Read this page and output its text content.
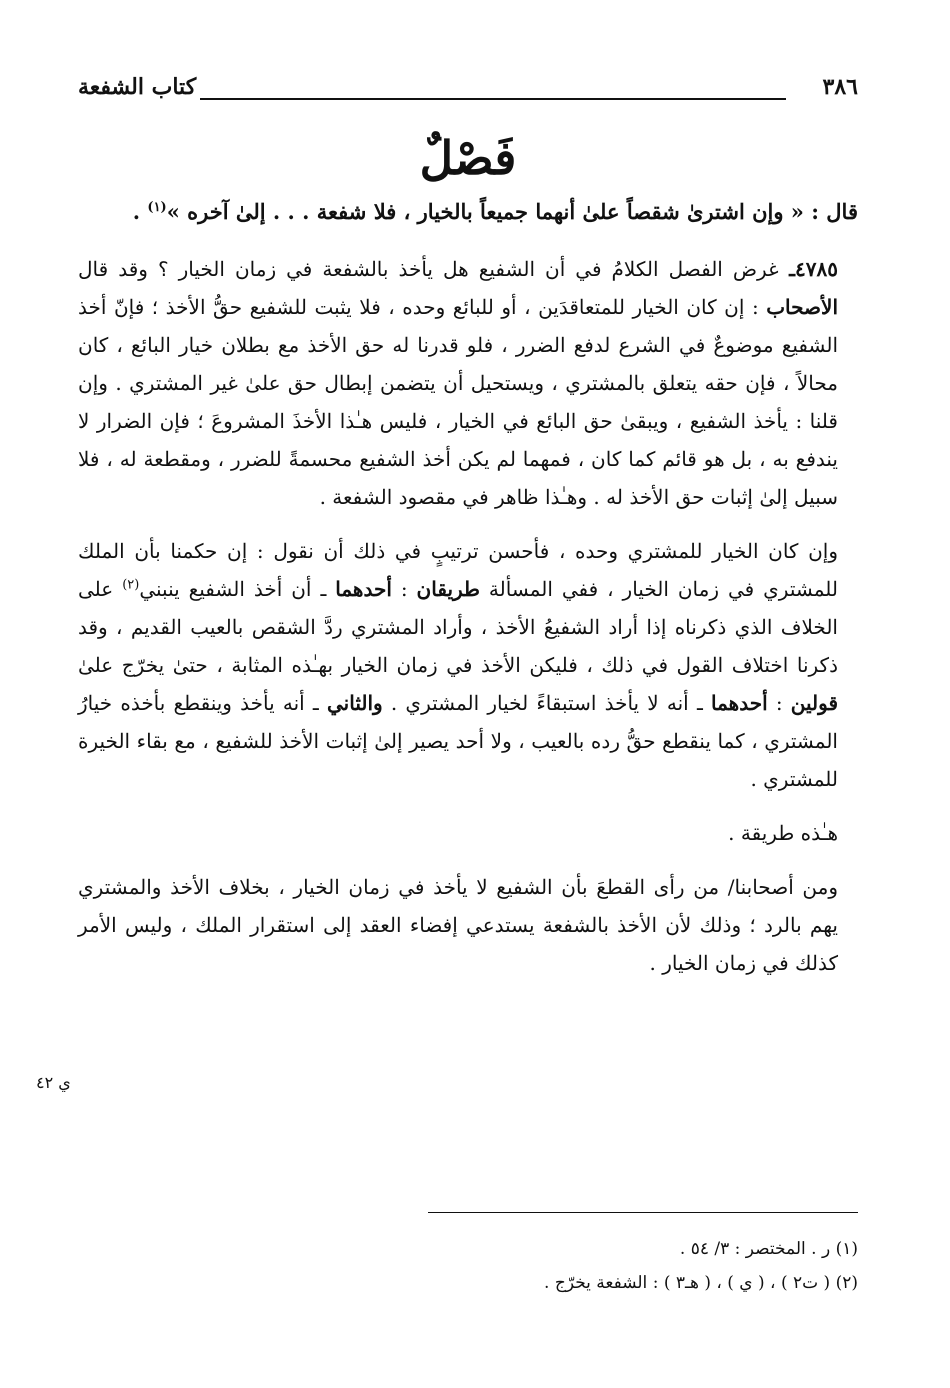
٣٨٦
كتاب الشفعة
فَصْلٌ

قال : « وإن اشترىٰ شقصاً علىٰ أنهما جميعاً بالخيار ، فلا شفعة . . . إلىٰ آخره »$^{(١)}$ .

٤٧٨٥ـ غرض الفصل الكلامُ في أن الشفيع هل يأخذ بالشفعة في زمان الخيار ؟ وقد قال الأصحاب : إن كان الخيار للمتعاقدَين ، أو للبائع وحده ، فلا يثبت للشفيع حقُّ الأخذ ؛ فإنّ أخذ الشفيع موضوعٌ في الشرع لدفع الضرر ، فلو قدرنا له حق الأخذ مع بطلان خيار البائع ، كان محالاً ، فإن حقه يتعلق بالمشتري ، ويستحيل أن يتضمن إبطال حق علىٰ غير المشتري . وإن قلنا : يأخذ الشفيع ، ويبقىٰ حق البائع في الخيار ، فليس هـٰذا الأخذَ المشروعَ ؛ فإن الضرار لا يندفع به ، بل هو قائم كما كان ، فمهما لم يكن أخذ الشفيع محسمةً للضرر ، ومقطعة له ، فلا سبيل إلىٰ إثبات حق الأخذ له . وهـٰذا ظاهر في مقصود الشفعة .

وإن كان الخيار للمشتري وحده ، فأحسن ترتيبٍ في ذلك أن نقول : إن حكمنا بأن الملك للمشتري في زمان الخيار ، ففي المسألة طريقان : أحدهما ـ أن أخذ الشفيع ينبني$^{(٢)}$ على الخلاف الذي ذكرناه إذا أراد الشفيعُ الأخذ ، وأراد المشتري ردَّ الشقص بالعيب القديم ، وقد ذكرنا اختلاف القول في ذلك ، فليكن الأخذ في زمان الخيار بهـٰذه المثابة ، حتىٰ يخرّج علىٰ قولين : أحدهما ـ أنه لا يأخذ استبقاءً لخيار المشتري . والثاني ـ أنه يأخذ وينقطع بأخذه خيارُ المشتري ، كما ينقطع حقُّ رده بالعيب ، ولا أحد يصير إلىٰ إثبات الأخذ للشفيع ، مع بقاء الخيرة للمشتري .

هـٰذه طريقة .

ومن أصحابنا/ من رأى القطعَ بأن الشفيع لا يأخذ في زمان الخيار ، بخلاف الأخذ والمشتري يهم بالرد ؛ وذلك لأن الأخذ بالشفعة يستدعي إفضاء العقد إلى استقرار الملك ، وليس الأمر كذلك في زمان الخيار .

ي ٤٢
(١) ر . المختصر : ٣/ ٥٤ .
(٢) ( ت٢ ) ، ( ي ) ، ( هـ٣ ) : الشفعة يخرّج .
